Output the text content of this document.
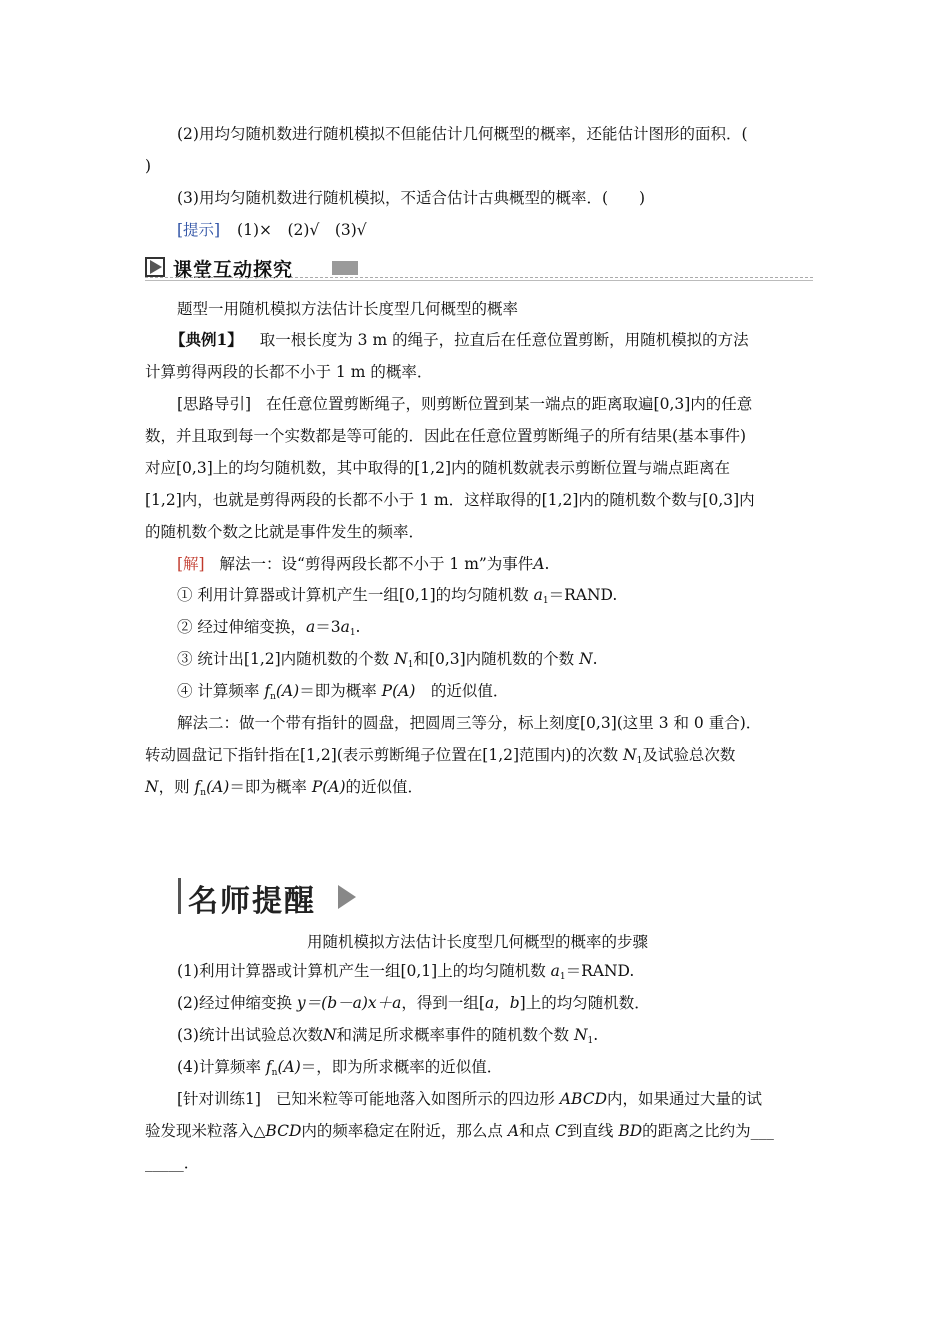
(2)用均匀随机数进行随机模拟不但能估计几何概型的概率，还能估计图形的面积．(
)
(3)用均匀随机数进行随机模拟，不适合估计古典概型的概率．(　　)
[提示] (1)×　(2)√　(3)√
课堂互动探究
题型一用随机模拟方法估计长度型几何概型的概率
【典例1】 取一根长度为 3 m 的绳子，拉直后在任意位置剪断，用随机模拟的方法
计算剪得两段的长都不小于 1 m 的概率．
[思路导引] 在任意位置剪断绳子，则剪断位置到某一端点的距离取遍[0,3]内的任意
数，并且取到每一个实数都是等可能的．因此在任意位置剪断绳子的所有结果(基本事件)
对应[0,3]上的均匀随机数，其中取得的[1,2]内的随机数就表示剪断位置与端点距离在
[1,2]内，也就是剪得两段的长都不小于 1 m．这样取得的[1,2]内的随机数个数与[0,3]内
的随机数个数之比就是事件发生的频率．
[解] 解法一：设“剪得两段长都不小于 1 m”为事件A.
① 利用计算器或计算机产生一组[0,1]的均匀随机数 $a_1=RAND$.
② 经过伸缩变换，$a=3a_1$.
③ 统计出[1,2]内随机数的个数 $N_1$和[0,3]内随机数的个数 N.
④ 计算频率 $f_n(A)=$即为概率 P(A)　 的近似值．
解法二：做一个带有指针的圆盘，把圆周三等分，标上刻度[0,3](这里 3 和 0 重合)．
转动圆盘记下指针指在[1,2](表示剪断绳子位置在[1,2]范围内)的次数 $N_1$及试验总次数
N，则 $f_n(A)=$即为概率 P(A)的近似值．
名师提醒
用随机模拟方法估计长度型几何概型的概率的步骤
(1)利用计算器或计算机产生一组[0,1]上的均匀随机数 $a_1=RAND$.
(2)经过伸缩变换 y＝(b－a)x＋a，得到一组[a，b]上的均匀随机数．
(3)统计出试验总次数N和满足所求概率事件的随机数个数 $N_1$.
(4)计算频率 $f_n(A)=$，即为所求概率的近似值．
[针对训练1] 已知米粒等可能地落入如图所示的四边形 ABCD内，如果通过大量的试
验发现米粒落入△BCD内的频率稳定在附近，那么点 A和点 C到直线 BD的距离之比约为___
_____．
